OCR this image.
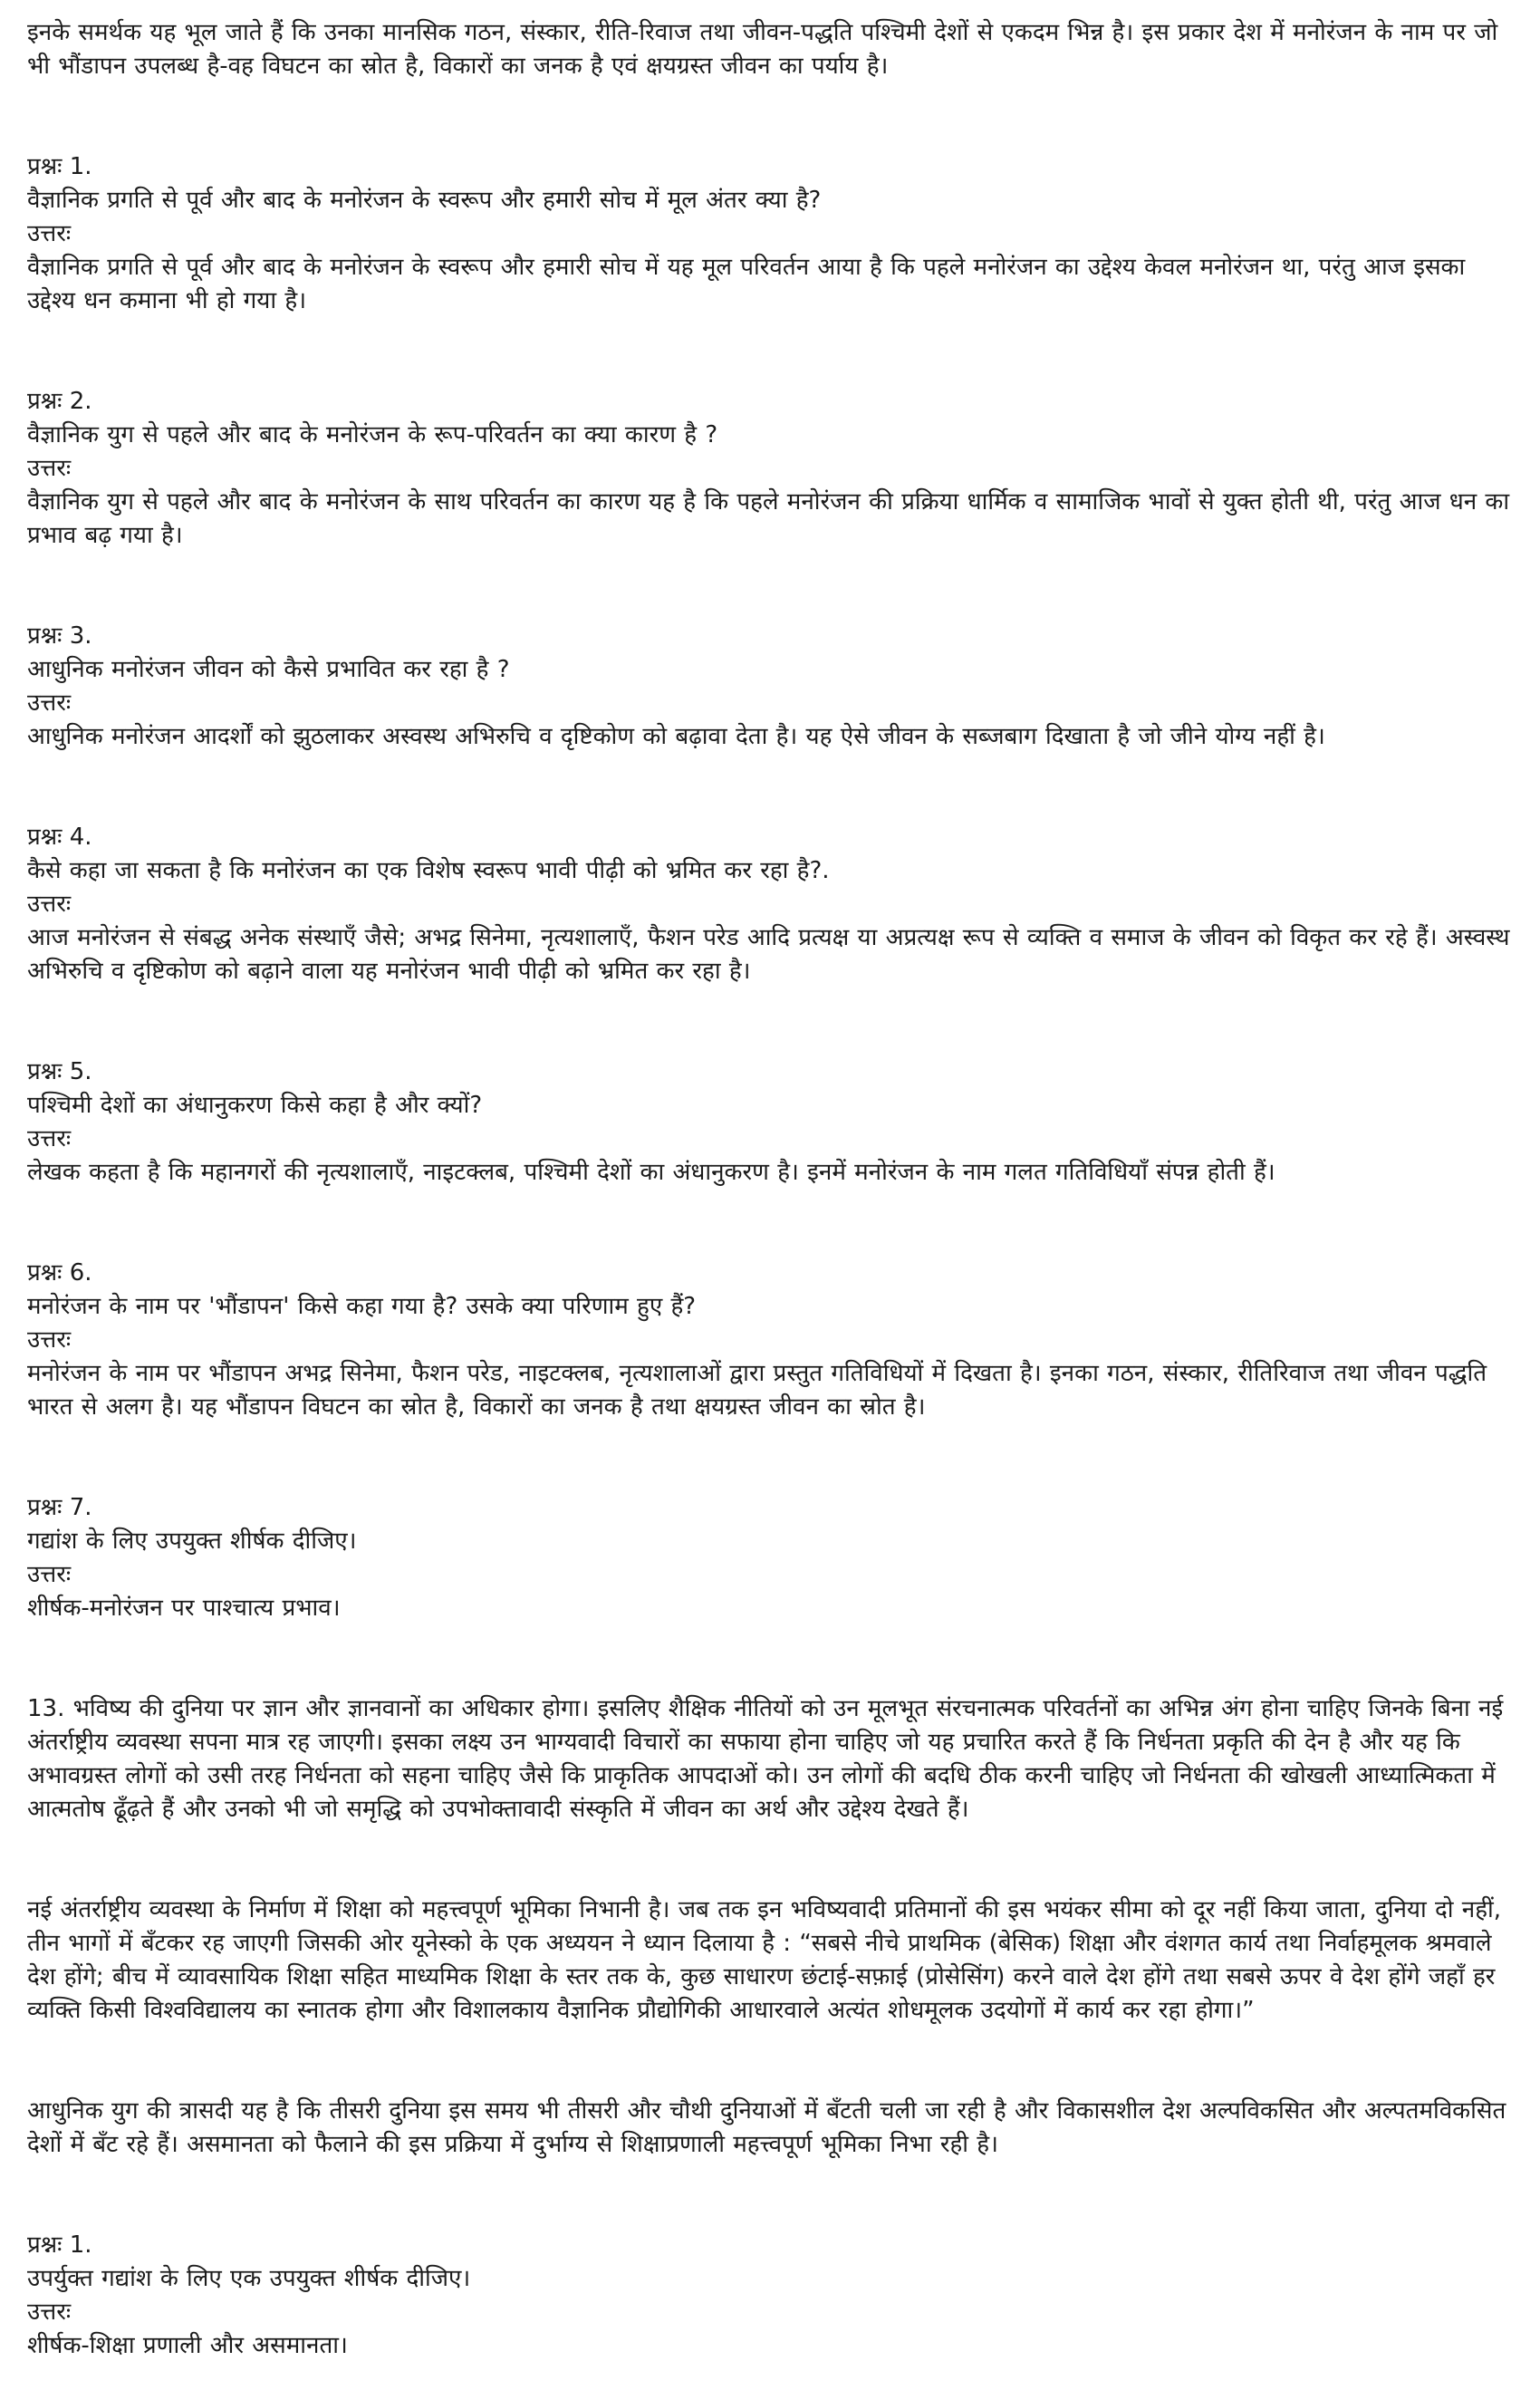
इनके समर्थक यह भूल जाते हैं कि उनका मानसिक गठन, संस्कार, रीति-रिवाज तथा जीवन-पद्धति पश्चिमी देशों से एकदम भिन्न है। इस प्रकार देश में मनोरंजन के नाम पर जो भी भौंडापन उपलब्ध है-वह विघटन का स्रोत है, विकारों का जनक है एवं क्षयग्रस्त जीवन का पर्याय है।

प्रश्नः 1.

वैज्ञानिक प्रगति से पूर्व और बाद के मनोरंजन के स्वरूप और हमारी सोच में मूल अंतर क्या है?

उत्तरः

वैज्ञानिक प्रगति से पूर्व और बाद के मनोरंजन के स्वरूप और हमारी सोच में यह मूल परिवर्तन आया है कि पहले मनोरंजन का उद्देश्य केवल मनोरंजन था, परंतु आज इसका उद्देश्य धन कमाना भी हो गया है।

प्रश्नः 2.

वैज्ञानिक युग से पहले और बाद के मनोरंजन के रूप-परिवर्तन का क्या कारण है ?

उत्तरः

वैज्ञानिक युग से पहले और बाद के मनोरंजन के साथ परिवर्तन का कारण यह है कि पहले मनोरंजन की प्रक्रिया धार्मिक व सामाजिक भावों से युक्त होती थी, परंतु आज धन का प्रभाव बढ़ गया है।

प्रश्नः 3.

आधुनिक मनोरंजन जीवन को कैसे प्रभावित कर रहा है ?

उत्तरः

आधुनिक मनोरंजन आदर्शों को झुठलाकर अस्वस्थ अभिरुचि व दृष्टिकोण को बढ़ावा देता है। यह ऐसे जीवन के सब्जबाग दिखाता है जो जीने योग्य नहीं है।

प्रश्नः 4.

कैसे कहा जा सकता है कि मनोरंजन का एक विशेष स्वरूप भावी पीढ़ी को भ्रमित कर रहा है?.

उत्तरः

आज मनोरंजन से संबद्ध अनेक संस्थाएँ जैसे; अभद्र सिनेमा, नृत्यशालाएँ, फैशन परेड आदि प्रत्यक्ष या अप्रत्यक्ष रूप से व्यक्ति व समाज के जीवन को विकृत कर रहे हैं। अस्वस्थ अभिरुचि व दृष्टिकोण को बढ़ाने वाला यह मनोरंजन भावी पीढ़ी को भ्रमित कर रहा है।

प्रश्नः 5.

पश्चिमी देशों का अंधानुकरण किसे कहा है और क्यों?

उत्तरः

लेखक कहता है कि महानगरों की नृत्यशालाएँ, नाइटक्लब, पश्चिमी देशों का अंधानुकरण है। इनमें मनोरंजन के नाम गलत गतिविधियाँ संपन्न होती हैं।

प्रश्नः 6.

मनोरंजन के नाम पर 'भौंडापन' किसे कहा गया है? उसके क्या परिणाम हुए हैं?

उत्तरः

मनोरंजन के नाम पर भौंडापन अभद्र सिनेमा, फैशन परेड, नाइटक्लब, नृत्यशालाओं द्वारा प्रस्तुत गतिविधियों में दिखता है। इनका गठन, संस्कार, रीतिरिवाज तथा जीवन पद्धति भारत से अलग है। यह भौंडापन विघटन का स्रोत है, विकारों का जनक है तथा क्षयग्रस्त जीवन का स्रोत है।

प्रश्नः 7.

गद्यांश के लिए उपयुक्त शीर्षक दीजिए।

उत्तरः

शीर्षक-मनोरंजन पर पाश्चात्य प्रभाव।

13. भविष्य की दुनिया पर ज्ञान और ज्ञानवानों का अधिकार होगा। इसलिए शैक्षिक नीतियों को उन मूलभूत संरचनात्मक परिवर्तनों का अभिन्न अंग होना चाहिए जिनके बिना नई अंतर्राष्ट्रीय व्यवस्था सपना मात्र रह जाएगी। इसका लक्ष्य उन भाग्यवादी विचारों का सफाया होना चाहिए जो यह प्रचारित करते हैं कि निर्धनता प्रकृति की देन है और यह कि अभावग्रस्त लोगों को उसी तरह निर्धनता को सहना चाहिए जैसे कि प्राकृतिक आपदाओं को। उन लोगों की बदधि ठीक करनी चाहिए जो निर्धनता की खोखली आध्यात्मिकता में आत्मतोष ढूँढ़ते हैं और उनको भी जो समृद्धि को उपभोक्तावादी संस्कृति में जीवन का अर्थ और उद्देश्य देखते हैं।

नई अंतर्राष्ट्रीय व्यवस्था के निर्माण में शिक्षा को महत्त्वपूर्ण भूमिका निभानी है। जब तक इन भविष्यवादी प्रतिमानों की इस भयंकर सीमा को दूर नहीं किया जाता, दुनिया दो नहीं, तीन भागों में बँटकर रह जाएगी जिसकी ओर यूनेस्को के एक अध्ययन ने ध्यान दिलाया है : “सबसे नीचे प्राथमिक (बेसिक) शिक्षा और वंशगत कार्य तथा निर्वाहमूलक श्रमवाले देश होंगे; बीच में व्यावसायिक शिक्षा सहित माध्यमिक शिक्षा के स्तर तक के, कुछ साधारण छंटाई-सफ़ाई (प्रोसेसिंग) करने वाले देश होंगे तथा सबसे ऊपर वे देश होंगे जहाँ हर व्यक्ति किसी विश्वविद्यालय का स्नातक होगा और विशालकाय वैज्ञानिक प्रौद्योगिकी आधारवाले अत्यंत शोधमूलक उदयोगों में कार्य कर रहा होगा।”

आधुनिक युग की त्रासदी यह है कि तीसरी दुनिया इस समय भी तीसरी और चौथी दुनियाओं में बँटती चली जा रही है और विकासशील देश अल्पविकसित और अल्पतमविकसित देशों में बँट रहे हैं। असमानता को फैलाने की इस प्रक्रिया में दुर्भाग्य से शिक्षाप्रणाली महत्त्वपूर्ण भूमिका निभा रही है।

प्रश्नः 1.

उपर्युक्त गद्यांश के लिए एक उपयुक्त शीर्षक दीजिए।

उत्तरः

शीर्षक-शिक्षा प्रणाली और असमानता।
